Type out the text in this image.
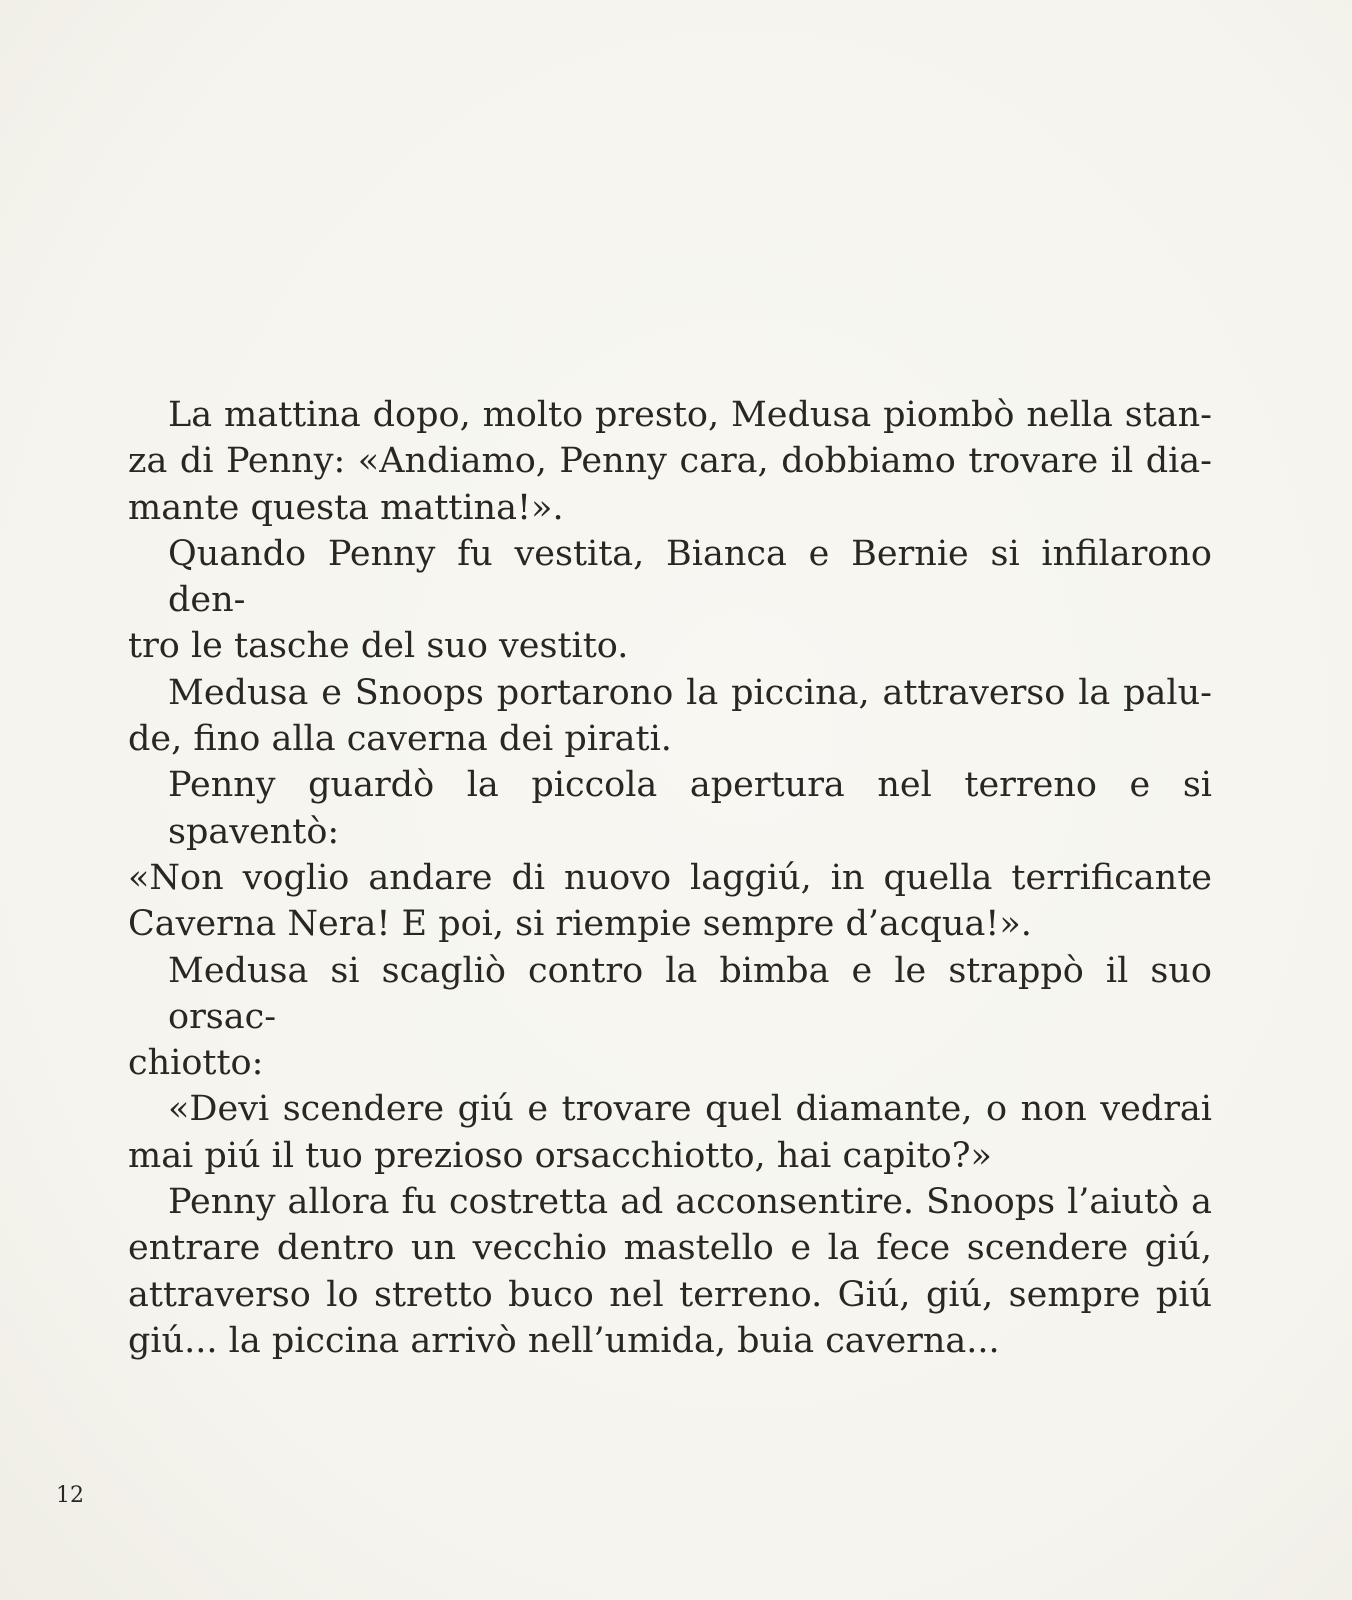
La mattina dopo, molto presto, Medusa piombò nella stan-
za di Penny: «Andiamo, Penny cara, dobbiamo trovare il dia-
mante questa mattina!».
Quando Penny fu vestita, Bianca e Bernie si infilarono den-
tro le tasche del suo vestito.
Medusa e Snoops portarono la piccina, attraverso la palu-
de, fino alla caverna dei pirati.
Penny guardò la piccola apertura nel terreno e si spaventò:
«Non voglio andare di nuovo laggiú, in quella terrificante
Caverna Nera! E poi, si riempie sempre d’acqua!».
Medusa si scagliò contro la bimba e le strappò il suo orsac-
chiotto:
«Devi scendere giú e trovare quel diamante, o non vedrai
mai piú il tuo prezioso orsacchiotto, hai capito?»
Penny allora fu costretta ad acconsentire. Snoops l’aiutò a
entrare dentro un vecchio mastello e la fece scendere giú,
attraverso lo stretto buco nel terreno. Giú, giú, sempre piú
giú... la piccina arrivò nell’umida, buia caverna...
12
